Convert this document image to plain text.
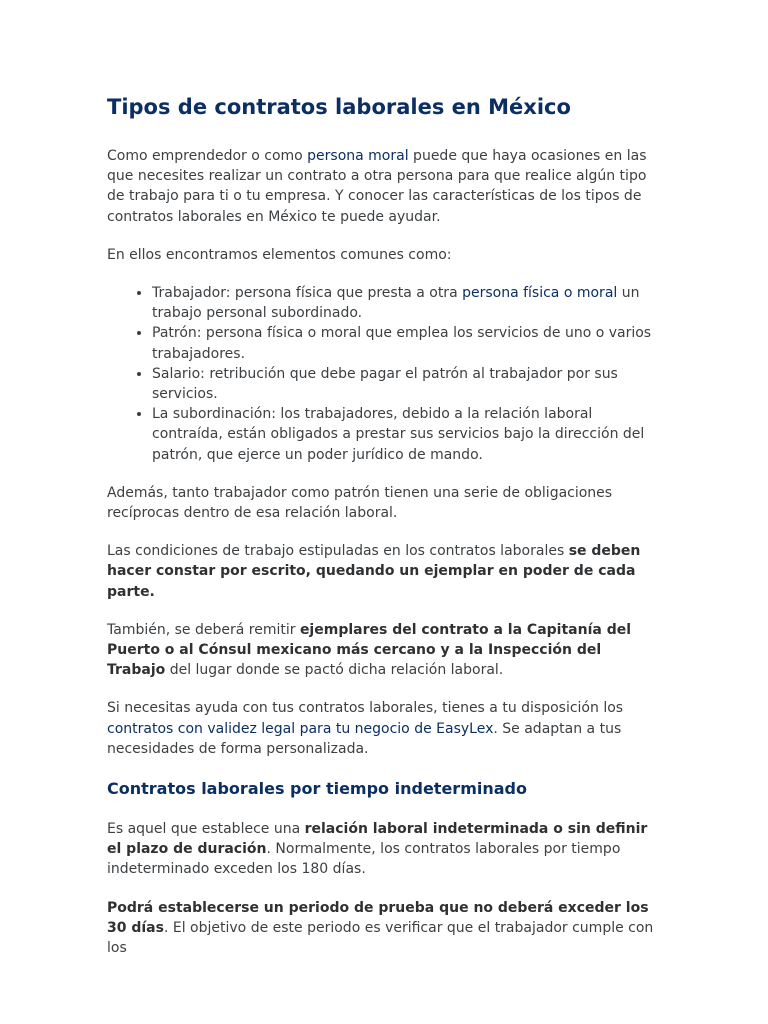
Tipos de contratos laborales en México

Como emprendedor o como persona moral puede que haya ocasiones en las que necesites realizar un contrato a otra persona para que realice algún tipo de trabajo para ti o tu empresa. Y conocer las características de los tipos de contratos laborales en México te puede ayudar.

En ellos encontramos elementos comunes como:

• Trabajador: persona física que presta a otra persona física o moral un trabajo personal subordinado.
• Patrón: persona física o moral que emplea los servicios de uno o varios trabajadores.
• Salario: retribución que debe pagar el patrón al trabajador por sus servicios.
• La subordinación: los trabajadores, debido a la relación laboral contraída, están obligados a prestar sus servicios bajo la dirección del patrón, que ejerce un poder jurídico de mando.

Además, tanto trabajador como patrón tienen una serie de obligaciones recíprocas dentro de esa relación laboral.

Las condiciones de trabajo estipuladas en los contratos laborales se deben hacer constar por escrito, quedando un ejemplar en poder de cada parte.

También, se deberá remitir ejemplares del contrato a la Capitanía del Puerto o al Cónsul mexicano más cercano y a la Inspección del Trabajo del lugar donde se pactó dicha relación laboral.

Si necesitas ayuda con tus contratos laborales, tienes a tu disposición los contratos con validez legal para tu negocio de EasyLex. Se adaptan a tus necesidades de forma personalizada.

Contratos laborales por tiempo indeterminado

Es aquel que establece una relación laboral indeterminada o sin definir el plazo de duración. Normalmente, los contratos laborales por tiempo indeterminado exceden los 180 días.

Podrá establecerse un periodo de prueba que no deberá exceder los 30 días. El objetivo de este periodo es verificar que el trabajador cumple con los
